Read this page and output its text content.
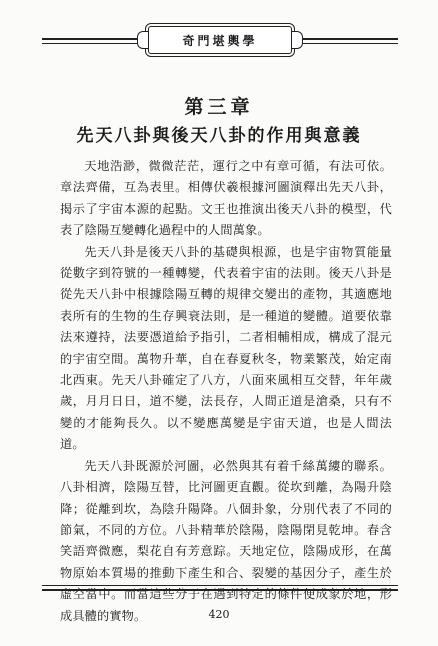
奇門堪輿學
第三章
先天八卦與後天八卦的作用與意義

天地浩渺，微微茫茫，運行之中有章可循，有法可依。章法齊備，互為表里。相傳伏羲根據河圖演釋出先天八卦，揭示了宇宙本源的起點。文王也推演出後天八卦的模型，代表了陰陽互變轉化過程中的人間萬象。

先天八卦是後天八卦的基礎與根源，也是宇宙物質能量從數字到符號的一種轉變，代表着宇宙的法則。後天八卦是從先天八卦中根據陰陽互轉的規律交變出的產物，其適應地表所有的生物的生存興衰法則，是一種道的變體。道要依靠法來遵持，法要憑道給予指引，二者相輔相成，構成了混元的宇宙空間。萬物升華，自在春夏秋冬，物業繁茂，始定南北西東。先天八卦確定了八方，八面來風相互交替，年年歲歲，月月日日，道不變，法長存，人間正道是滄桑，只有不變的才能夠長久。以不變應萬變是宇宙天道，也是人間法道。

先天八卦既源於河圖，必然與其有着千絲萬縷的聯系。八卦相濟，陰陽互替，比河圖更直觀。從坎到離，為陽升陰降；從離到坎，為陰升陽降。八個卦象，分別代表了不同的節氣，不同的方位。八卦精華於陰陽，陰陽閉見乾坤。春含笑語齊微應，梨花自有芳意踪。天地定位，陰陽成形，在萬物原始本質場的推動下產生和合、裂變的基因分子，產生於虛空當中。而當這些分子在遇到特定的條件便成象於地，形成具體的實物。	420
